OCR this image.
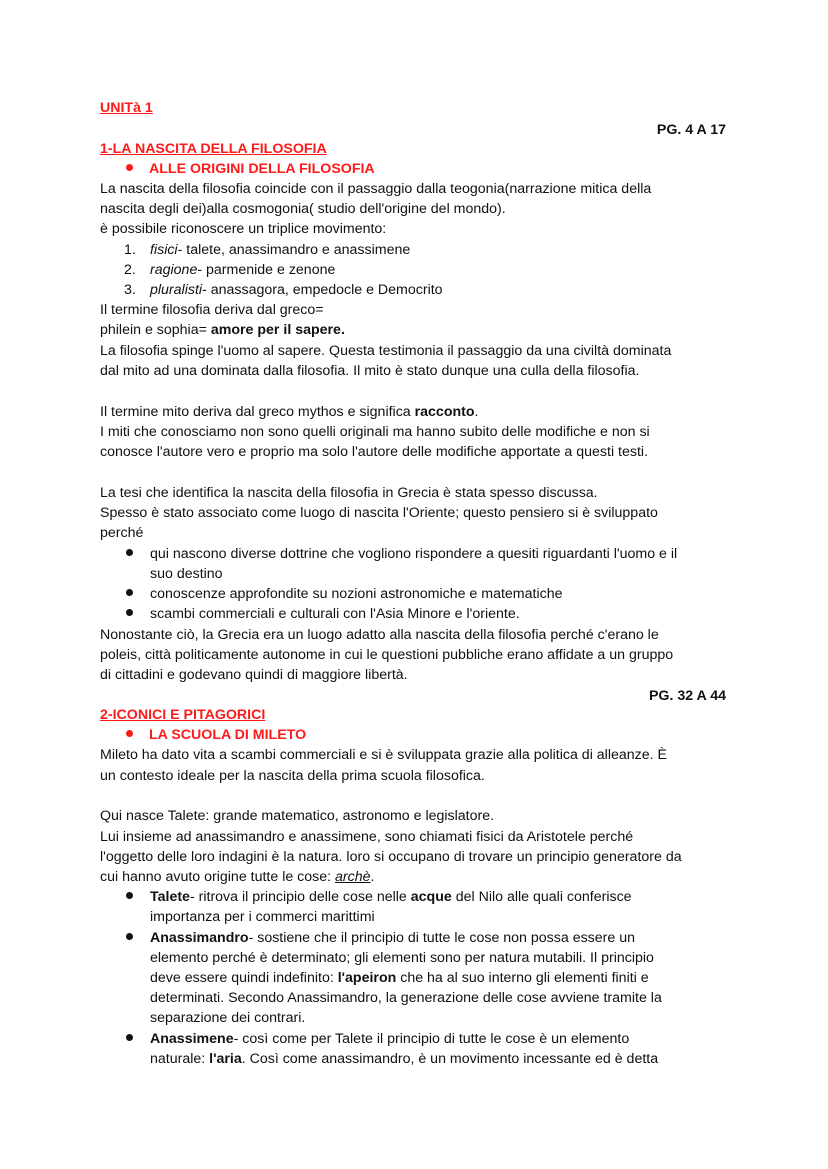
UNITà 1
PG. 4 A 17
1-LA NASCITA DELLA FILOSOFIA
ALLE ORIGINI DELLA FILOSOFIA
La nascita della filosofia coincide con il passaggio dalla teogonia(narrazione mitica della
nascita degli dei)alla cosmogonia( studio dell'origine del mondo).
è possibile riconoscere un triplice movimento:
1. fisici- talete, anassimandro e anassimene
2. ragione- parmenide e zenone
3. pluralisti- anassagora, empedocle e Democrito
Il termine filosofia deriva dal greco=
philein e sophia= amore per il sapere.
La filosofia spinge l'uomo al sapere. Questa testimonia il passaggio da una civiltà dominata
dal mito ad una dominata dalla filosofia. Il mito è stato dunque una culla della filosofia.
Il termine mito deriva dal greco mythos e significa racconto.
I miti che conosciamo non sono quelli originali ma hanno subito delle modifiche e non si
conosce l'autore vero e proprio ma solo l'autore delle modifiche apportate a questi testi.
La tesi che identifica la nascita della filosofia in Grecia è stata spesso discussa.
Spesso è stato associato come luogo di nascita l'Oriente; questo pensiero si è sviluppato
perché
qui nascono diverse dottrine che vogliono rispondere a quesiti riguardanti l'uomo e il
suo destino
conoscenze approfondite su nozioni astronomiche e matematiche
scambi commerciali e culturali con l'Asia Minore e l'oriente.
Nonostante ciò, la Grecia era un luogo adatto alla nascita della filosofia perché c'erano le
poleis, città politicamente autonome in cui le questioni pubbliche erano affidate a un gruppo
di cittadini e godevano quindi di maggiore libertà.
PG. 32 A 44
2-ICONICI E PITAGORICI
LA SCUOLA DI MILETO
Mileto ha dato vita a scambi commerciali e si è sviluppata grazie alla politica di alleanze. È
un contesto ideale per la nascita della prima scuola filosofica.
Qui nasce Talete: grande matematico, astronomo e legislatore.
Lui insieme ad anassimandro e anassimene, sono chiamati fisici da Aristotele perché
l'oggetto delle loro indagini è la natura. loro si occupano di trovare un principio generatore da
cui hanno avuto origine tutte le cose: archè.
Talete- ritrova il principio delle cose nelle acque del Nilo alle quali conferisce
importanza per i commerci marittimi
Anassimandro- sostiene che il principio di tutte le cose non possa essere un
elemento perché è determinato; gli elementi sono per natura mutabili. Il principio
deve essere quindi indefinito: l'apeiron che ha al suo interno gli elementi finiti e
determinati. Secondo Anassimandro, la generazione delle cose avviene tramite la
separazione dei contrari.
Anassimene- così come per Talete il principio di tutte le cose è un elemento
naturale: l'aria. Così come anassimandro, è un movimento incessante ed è detta
